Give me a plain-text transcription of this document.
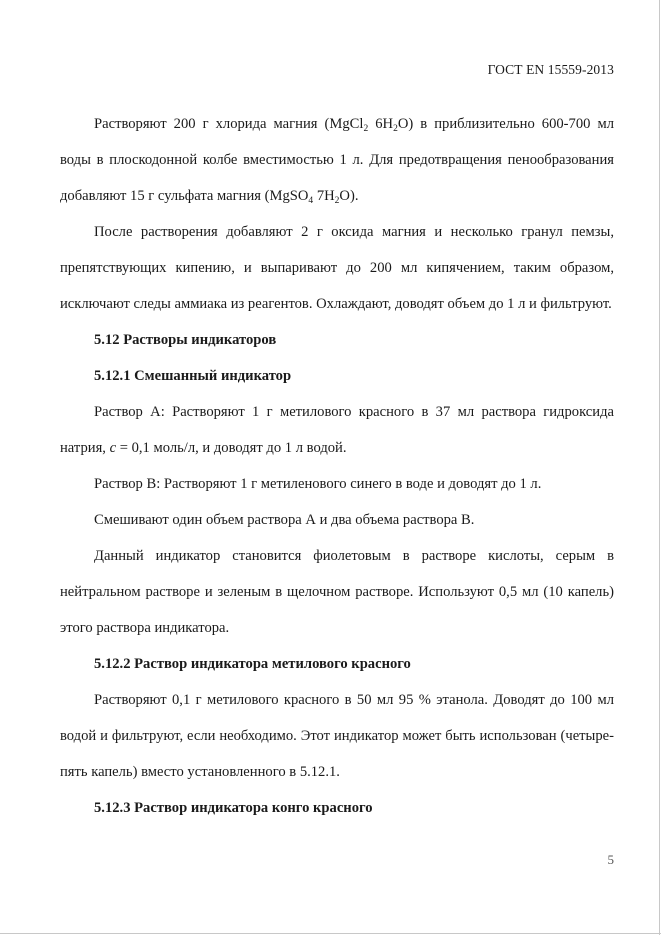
ГОСТ EN 15559-2013

Растворяют 200 г хлорида магния (MgCl$_2$ $6H_2O$) в приблизительно 600-700 мл воды в плоскодонной колбе вместимостью 1 л. Для предотвращения пенообразования добавляют 15 г сульфата магния (MgSO$_4$ $7H_2O$).

После растворения добавляют 2 г оксида магния и несколько гранул пемзы, препятствующих кипению, и выпаривают до 200 мл кипячением, таким образом, исключают следы аммиака из реагентов. Охлаждают, доводят объем до 1 л и фильтруют.

5.12 Растворы индикаторов

5.12.1 Смешанный индикатор

Раствор А: Растворяют 1 г метилового красного в 37 мл раствора гидроксида натрия, c = 0,1 моль/л, и доводят до 1 л водой.

Раствор В: Растворяют 1 г метиленового синего в воде и доводят до 1 л.

Смешивают один объем раствора А и два объема раствора В.

Данный индикатор становится фиолетовым в растворе кислоты, серым в нейтральном растворе и зеленым в щелочном растворе. Используют 0,5 мл (10 капель) этого раствора индикатора.

5.12.2 Раствор индикатора метилового красного

Растворяют 0,1 г метилового красного в 50 мл 95 % этанола. Доводят до 100 мл водой и фильтруют, если необходимо. Этот индикатор может быть использован (четыре-пять капель) вместо установленного в 5.12.1.

5.12.3 Раствор индикатора конго красного

5
